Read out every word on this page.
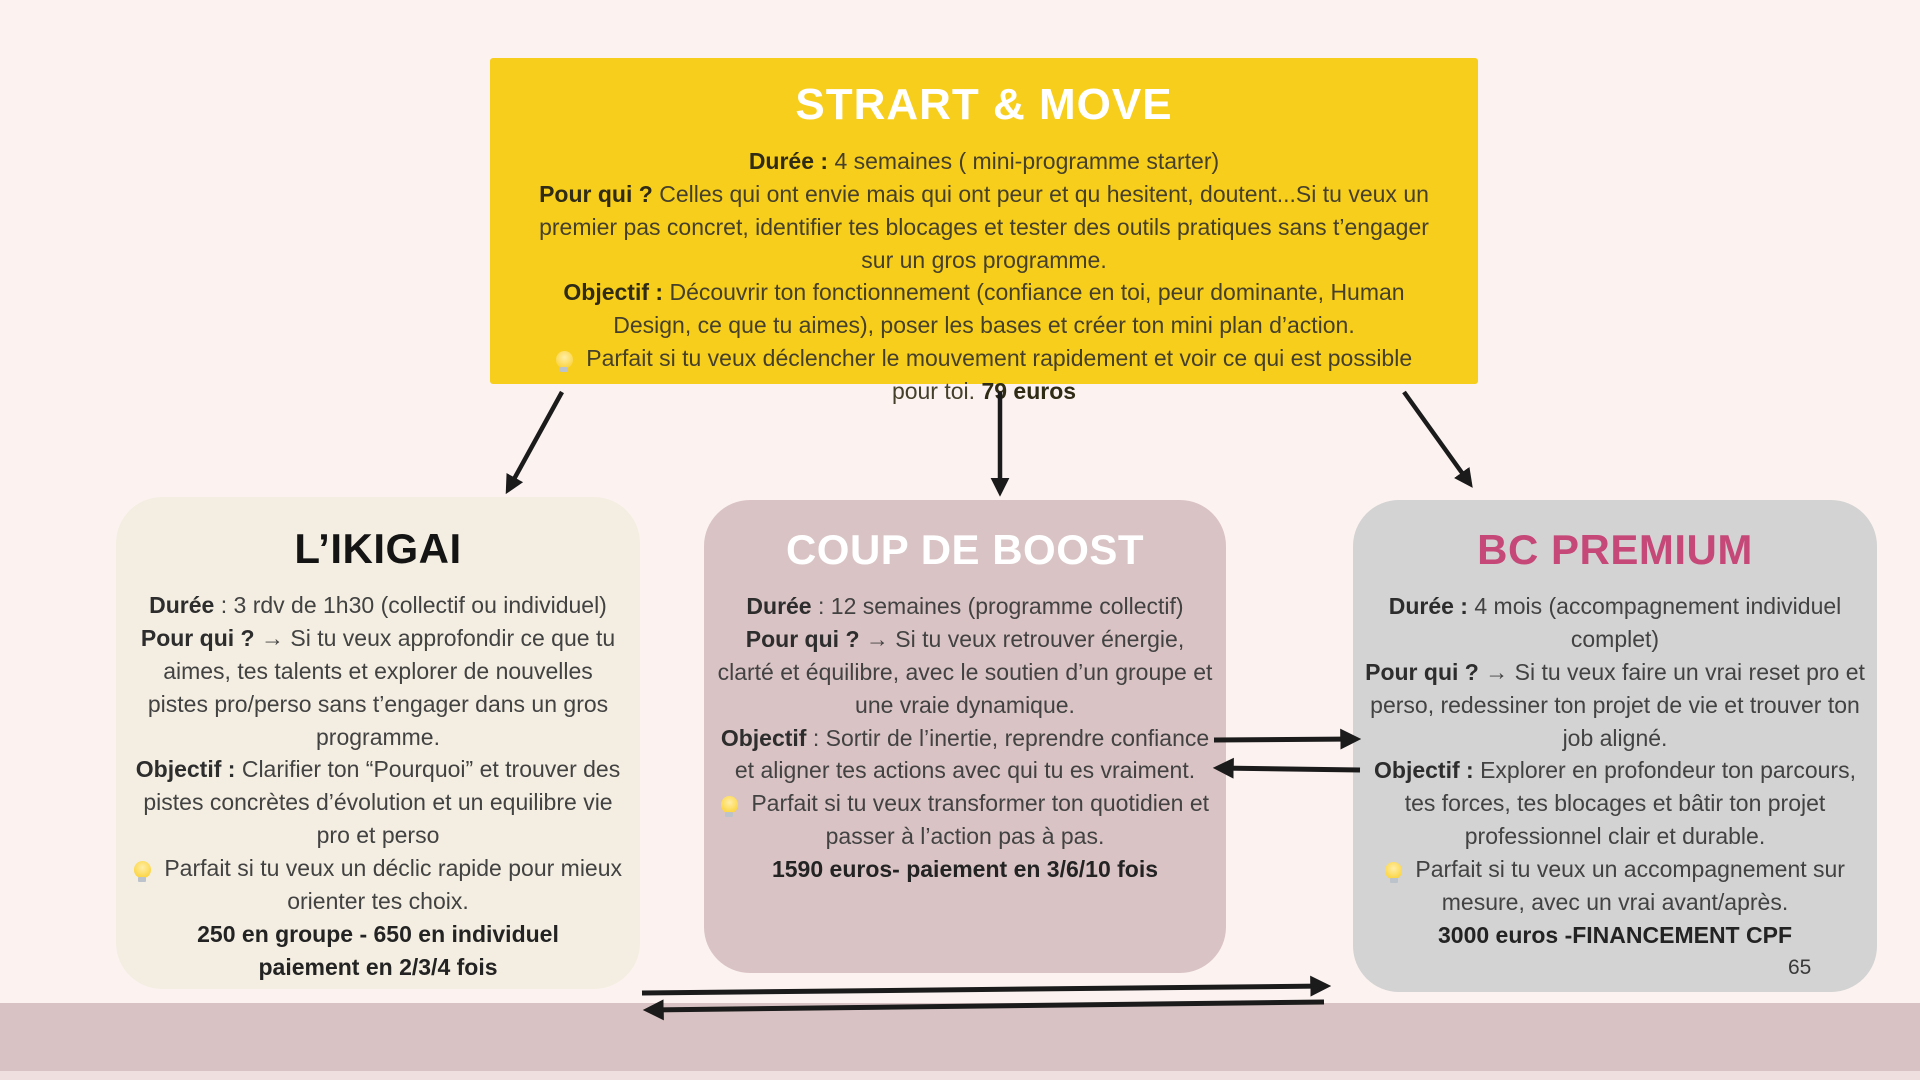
STRART & MOVE

Durée : 4 semaines ( mini-programme starter)

Pour qui ? Celles qui ont envie mais qui ont peur et qu hesitent, doutent...Si tu veux un premier pas concret, identifier tes blocages et tester des outils pratiques sans t’engager sur un gros programme.

Objectif : Découvrir ton fonctionnement (confiance en toi, peur dominante, Human Design, ce que tu aimes), poser les bases et créer ton mini plan d’action.

Parfait si tu veux déclencher le mouvement rapidement et voir ce qui est possible pour toi. 79 euros

L’IKIGAI

Durée : 3 rdv de 1h30 (collectif ou individuel)

Pour qui ? → Si tu veux approfondir ce que tu aimes, tes talents et explorer de nouvelles pistes pro/perso sans t’engager dans un gros programme.

Objectif : Clarifier ton “Pourquoi” et trouver des pistes concrètes d’évolution et un equilibre vie pro et perso

Parfait si tu veux un déclic rapide pour mieux orienter tes choix.

250 en groupe - 650 en individuel

paiement en 2/3/4 fois

COUP DE BOOST

Durée : 12 semaines (programme collectif)

Pour qui ? → Si tu veux retrouver énergie, clarté et équilibre, avec le soutien d’un groupe et une vraie dynamique.

Objectif : Sortir de l’inertie, reprendre confiance et aligner tes actions avec qui tu es vraiment.

Parfait si tu veux transformer ton quotidien et passer à l’action pas à pas.

1590 euros- paiement en 3/6/10 fois

BC PREMIUM

Durée : 4 mois (accompagnement individuel complet)

Pour qui ? → Si tu veux faire un vrai reset pro et perso, redessiner ton projet de vie et trouver ton job aligné.

Objectif : Explorer en profondeur ton parcours, tes forces, tes blocages et bâtir ton projet professionnel clair et durable.

Parfait si tu veux un accompagnement sur mesure, avec un vrai avant/après.

3000 euros -FINANCEMENT CPF

65
